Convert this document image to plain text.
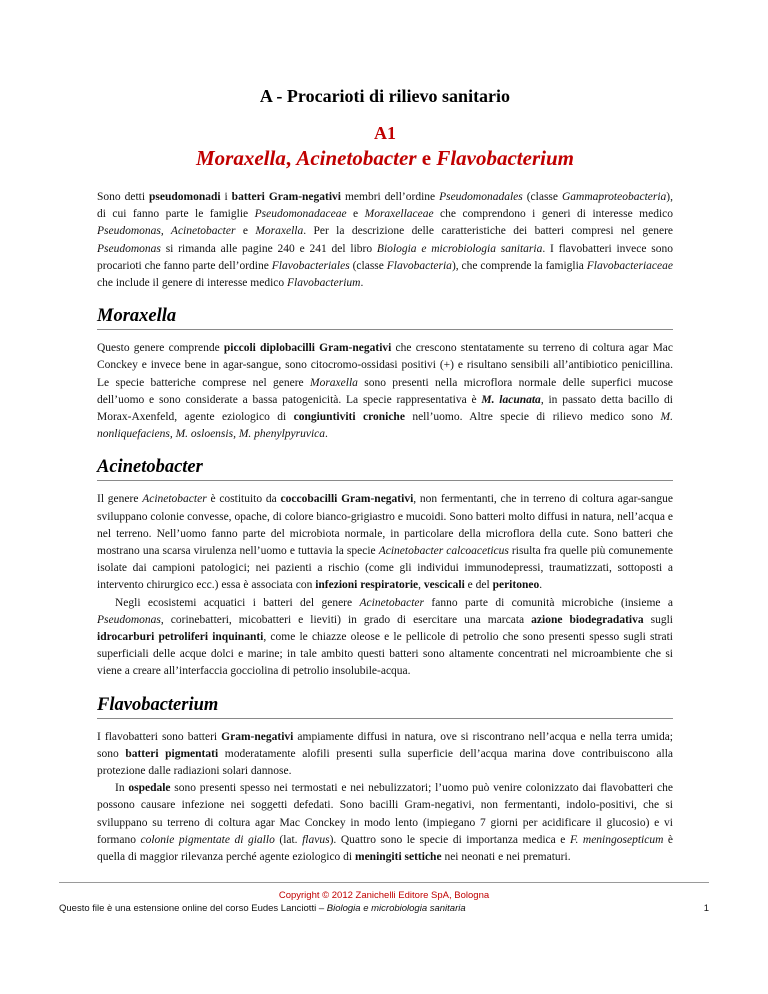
A - Procarioti di rilievo sanitario
A1
Moraxella, Acinetobacter e Flavobacterium

Sono detti pseudomonadi i batteri Gram-negativi membri dell’ordine Pseudomonadales (classe Gammaproteobacteria), di cui fanno parte le famiglie Pseudomonadaceae e Moraxellaceae che comprendono i generi di interesse medico Pseudomonas, Acinetobacter e Moraxella. Per la descrizione delle caratteristiche dei batteri compresi nel genere Pseudomonas si rimanda alle pagine 240 e 241 del libro Biologia e microbiologia sanitaria. I flavobatteri invece sono procarioti che fanno parte dell’ordine Flavobacteriales (classe Flavobacteria), che comprende la famiglia Flavobacteriaceae che include il genere di interesse medico Flavobacterium.

Moraxella

Questo genere comprende piccoli diplobacilli Gram-negativi che crescono stentatamente su terreno di coltura agar Mac Conckey e invece bene in agar-sangue, sono citocromo-ossidasi positivi (+) e risultano sensibili all’antibiotico penicillina. Le specie batteriche comprese nel genere Moraxella sono presenti nella microflora normale delle superfici mucose dell’uomo e sono considerate a bassa patogenicità. La specie rappresentativa è M. lacunata, in passato detta bacillo di Morax-Axenfeld, agente eziologico di congiuntiviti croniche nell’uomo. Altre specie di rilievo medico sono M. nonliquefaciens, M. osloensis, M. phenylpyruvica.

Acinetobacter

Il genere Acinetobacter è costituito da coccobacilli Gram-negativi, non fermentanti, che in terreno di coltura agar-sangue sviluppano colonie convesse, opache, di colore bianco-grigiastro e mucoidi. Sono batteri molto diffusi in natura, nell’acqua e nel terreno. Nell’uomo fanno parte del microbiota normale, in particolare della microflora della cute. Sono batteri che mostrano una scarsa virulenza nell’uomo e tuttavia la specie Acinetobacter calcoaceticus risulta fra quelle più comunemente isolate dai campioni patologici; nei pazienti a rischio (come gli individui immunodepressi, traumatizzati, sottoposti a intervento chirurgico ecc.) essa è associata con infezioni respiratorie, vescicali e del peritoneo.

Negli ecosistemi acquatici i batteri del genere Acinetobacter fanno parte di comunità microbiche (insieme a Pseudomonas, corinebatteri, micobatteri e lieviti) in grado di esercitare una marcata azione biodegradativa sugli idrocarburi petroliferi inquinanti, come le chiazze oleose e le pellicole di petrolio che sono presenti spesso sugli strati superficiali delle acque dolci e marine; in tale ambito questi batteri sono altamente concentrati nel microambiente che si viene a creare all’interfaccia gocciolina di petrolio insolubile-acqua.

Flavobacterium

I flavobatteri sono batteri Gram-negativi ampiamente diffusi in natura, ove si riscontrano nell’acqua e nella terra umida; sono batteri pigmentati moderatamente alofili presenti sulla superficie dell’acqua marina dove contribuiscono alla protezione dalle radiazioni solari dannose.

In ospedale sono presenti spesso nei termostati e nei nebulizzatori; l’uomo può venire colonizzato dai flavobatteri che possono causare infezione nei soggetti defedati. Sono bacilli Gram-negativi, non fermentanti, indolo-positivi, che si sviluppano su terreno di coltura agar Mac Conckey in modo lento (impiegano 7 giorni per acidificare il glucosio) e vi formano colonie pigmentate di giallo (lat. flavus). Quattro sono le specie di importanza medica e F. meningosepticum è quella di maggior rilevanza perché agente eziologico di meningiti settiche nei neonati e nei prematuri.

Copyright © 2012 Zanichelli Editore SpA, Bologna
Questo file è una estensione online del corso Eudes Lanciotti – Biologia e microbiologia sanitaria	1
